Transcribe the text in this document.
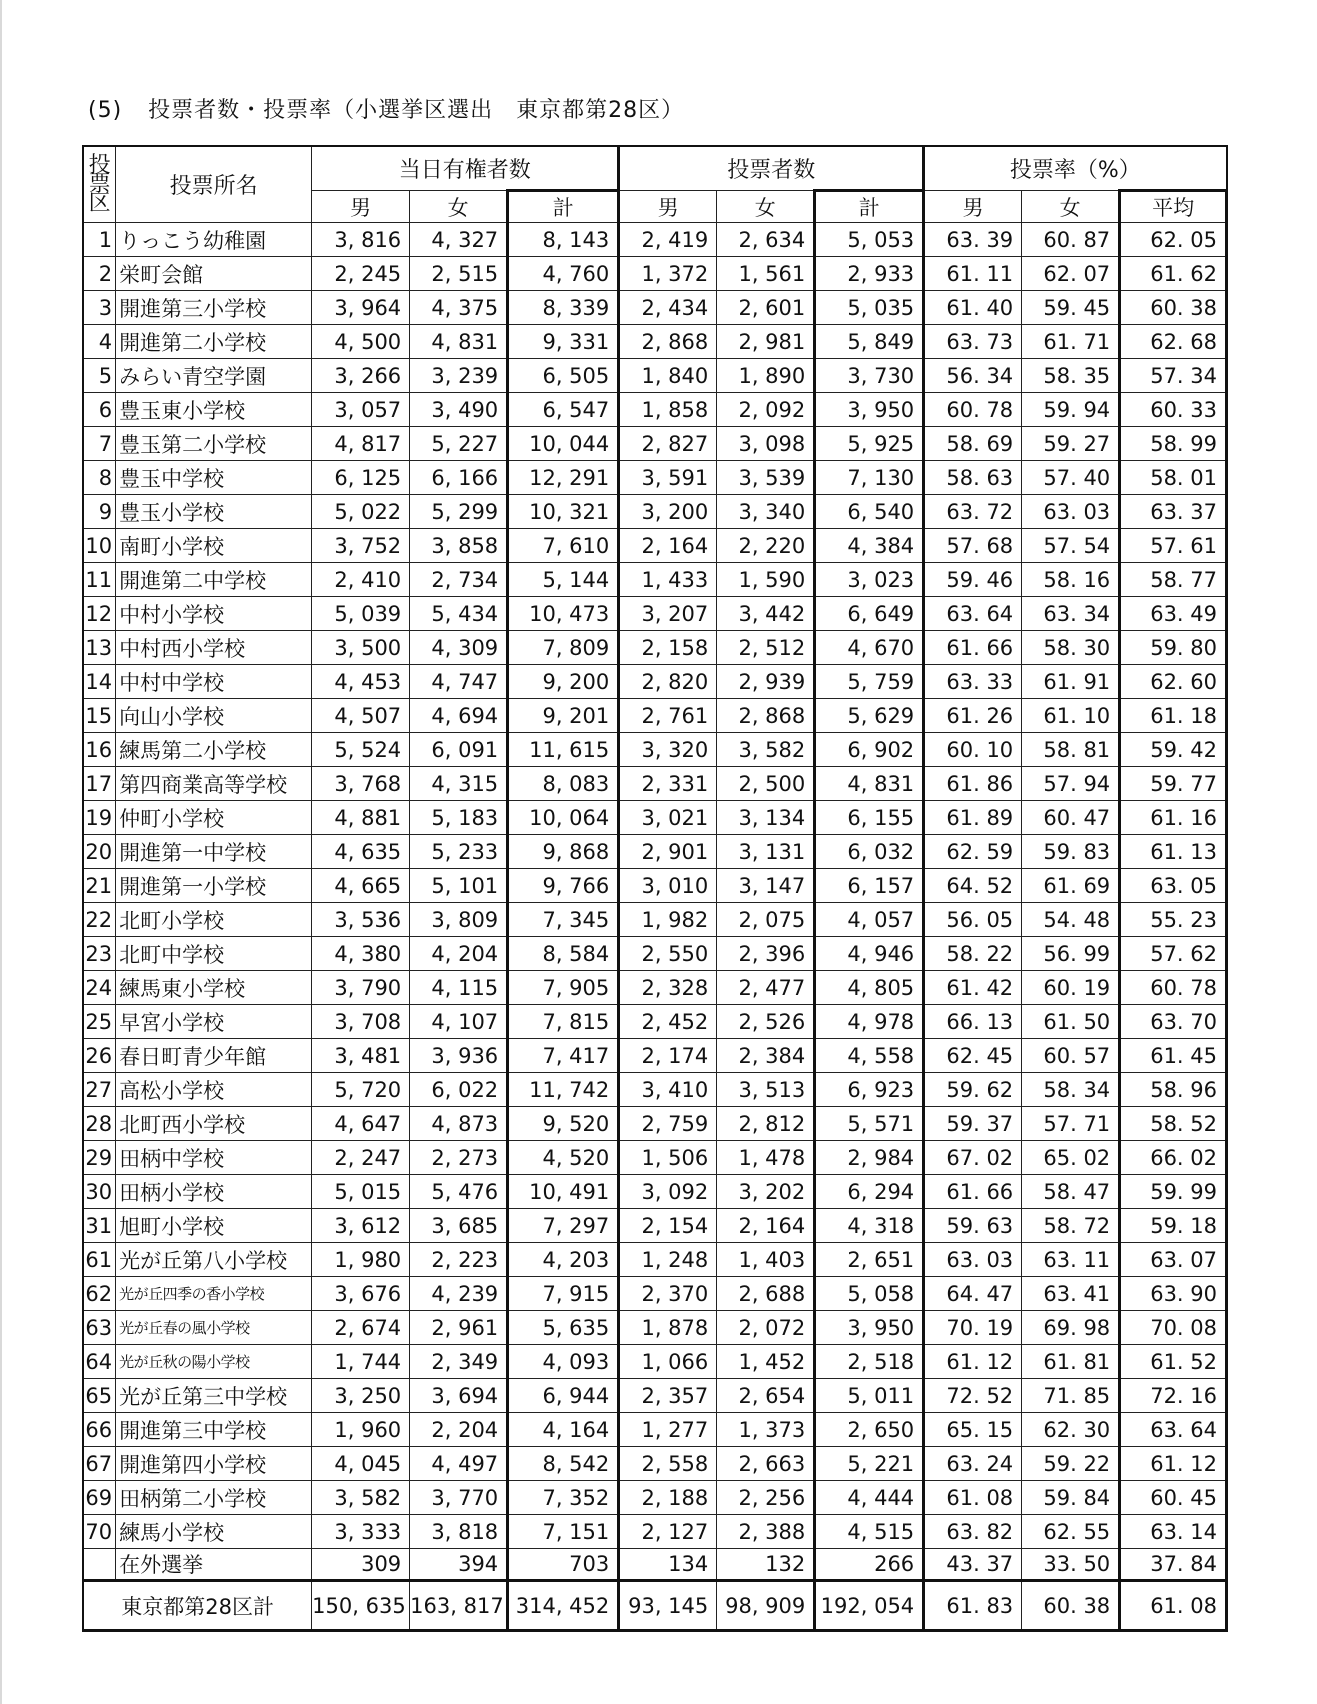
(5) 投票者数・投票率（小選挙区選出　東京都第28区）
投
票
区	投票所名	当日有権者数			投票者数			投票率（%）		
		男	女	計	男	女	計	男	女	平均
1	りっこう幼稚園	3, 816	4, 327	8, 143	2, 419	2, 634	5, 053	63. 39	60. 87	62. 05
2	栄町会館	2, 245	2, 515	4, 760	1, 372	1, 561	2, 933	61. 11	62. 07	61. 62
3	開進第三小学校	3, 964	4, 375	8, 339	2, 434	2, 601	5, 035	61. 40	59. 45	60. 38
4	開進第二小学校	4, 500	4, 831	9, 331	2, 868	2, 981	5, 849	63. 73	61. 71	62. 68
5	みらい青空学園	3, 266	3, 239	6, 505	1, 840	1, 890	3, 730	56. 34	58. 35	57. 34
6	豊玉東小学校	3, 057	3, 490	6, 547	1, 858	2, 092	3, 950	60. 78	59. 94	60. 33
7	豊玉第二小学校	4, 817	5, 227	10, 044	2, 827	3, 098	5, 925	58. 69	59. 27	58. 99
8	豊玉中学校	6, 125	6, 166	12, 291	3, 591	3, 539	7, 130	58. 63	57. 40	58. 01
9	豊玉小学校	5, 022	5, 299	10, 321	3, 200	3, 340	6, 540	63. 72	63. 03	63. 37
10	南町小学校	3, 752	3, 858	7, 610	2, 164	2, 220	4, 384	57. 68	57. 54	57. 61
11	開進第二中学校	2, 410	2, 734	5, 144	1, 433	1, 590	3, 023	59. 46	58. 16	58. 77
12	中村小学校	5, 039	5, 434	10, 473	3, 207	3, 442	6, 649	63. 64	63. 34	63. 49
13	中村西小学校	3, 500	4, 309	7, 809	2, 158	2, 512	4, 670	61. 66	58. 30	59. 80
14	中村中学校	4, 453	4, 747	9, 200	2, 820	2, 939	5, 759	63. 33	61. 91	62. 60
15	向山小学校	4, 507	4, 694	9, 201	2, 761	2, 868	5, 629	61. 26	61. 10	61. 18
16	練馬第二小学校	5, 524	6, 091	11, 615	3, 320	3, 582	6, 902	60. 10	58. 81	59. 42
17	第四商業高等学校	3, 768	4, 315	8, 083	2, 331	2, 500	4, 831	61. 86	57. 94	59. 77
19	仲町小学校	4, 881	5, 183	10, 064	3, 021	3, 134	6, 155	61. 89	60. 47	61. 16
20	開進第一中学校	4, 635	5, 233	9, 868	2, 901	3, 131	6, 032	62. 59	59. 83	61. 13
21	開進第一小学校	4, 665	5, 101	9, 766	3, 010	3, 147	6, 157	64. 52	61. 69	63. 05
22	北町小学校	3, 536	3, 809	7, 345	1, 982	2, 075	4, 057	56. 05	54. 48	55. 23
23	北町中学校	4, 380	4, 204	8, 584	2, 550	2, 396	4, 946	58. 22	56. 99	57. 62
24	練馬東小学校	3, 790	4, 115	7, 905	2, 328	2, 477	4, 805	61. 42	60. 19	60. 78
25	早宮小学校	3, 708	4, 107	7, 815	2, 452	2, 526	4, 978	66. 13	61. 50	63. 70
26	春日町青少年館	3, 481	3, 936	7, 417	2, 174	2, 384	4, 558	62. 45	60. 57	61. 45
27	高松小学校	5, 720	6, 022	11, 742	3, 410	3, 513	6, 923	59. 62	58. 34	58. 96
28	北町西小学校	4, 647	4, 873	9, 520	2, 759	2, 812	5, 571	59. 37	57. 71	58. 52
29	田柄中学校	2, 247	2, 273	4, 520	1, 506	1, 478	2, 984	67. 02	65. 02	66. 02
30	田柄小学校	5, 015	5, 476	10, 491	3, 092	3, 202	6, 294	61. 66	58. 47	59. 99
31	旭町小学校	3, 612	3, 685	7, 297	2, 154	2, 164	4, 318	59. 63	58. 72	59. 18
61	光が丘第八小学校	1, 980	2, 223	4, 203	1, 248	1, 403	2, 651	63. 03	63. 11	63. 07
62	光が丘四季の香小学校	3, 676	4, 239	7, 915	2, 370	2, 688	5, 058	64. 47	63. 41	63. 90
63	光が丘春の風小学校	2, 674	2, 961	5, 635	1, 878	2, 072	3, 950	70. 19	69. 98	70. 08
64	光が丘秋の陽小学校	1, 744	2, 349	4, 093	1, 066	1, 452	2, 518	61. 12	61. 81	61. 52
65	光が丘第三中学校	3, 250	3, 694	6, 944	2, 357	2, 654	5, 011	72. 52	71. 85	72. 16
66	開進第三中学校	1, 960	2, 204	4, 164	1, 277	1, 373	2, 650	65. 15	62. 30	63. 64
67	開進第四小学校	4, 045	4, 497	8, 542	2, 558	2, 663	5, 221	63. 24	59. 22	61. 12
69	田柄第二小学校	3, 582	3, 770	7, 352	2, 188	2, 256	4, 444	61. 08	59. 84	60. 45
70	練馬小学校	3, 333	3, 818	7, 151	2, 127	2, 388	4, 515	63. 82	62. 55	63. 14
	在外選挙	309	394	703	134	132	266	43. 37	33. 50	37. 84
東京都第28区計		150, 635	163, 817	314, 452	93, 145	98, 909	192, 054	61. 83	60. 38	61. 08
